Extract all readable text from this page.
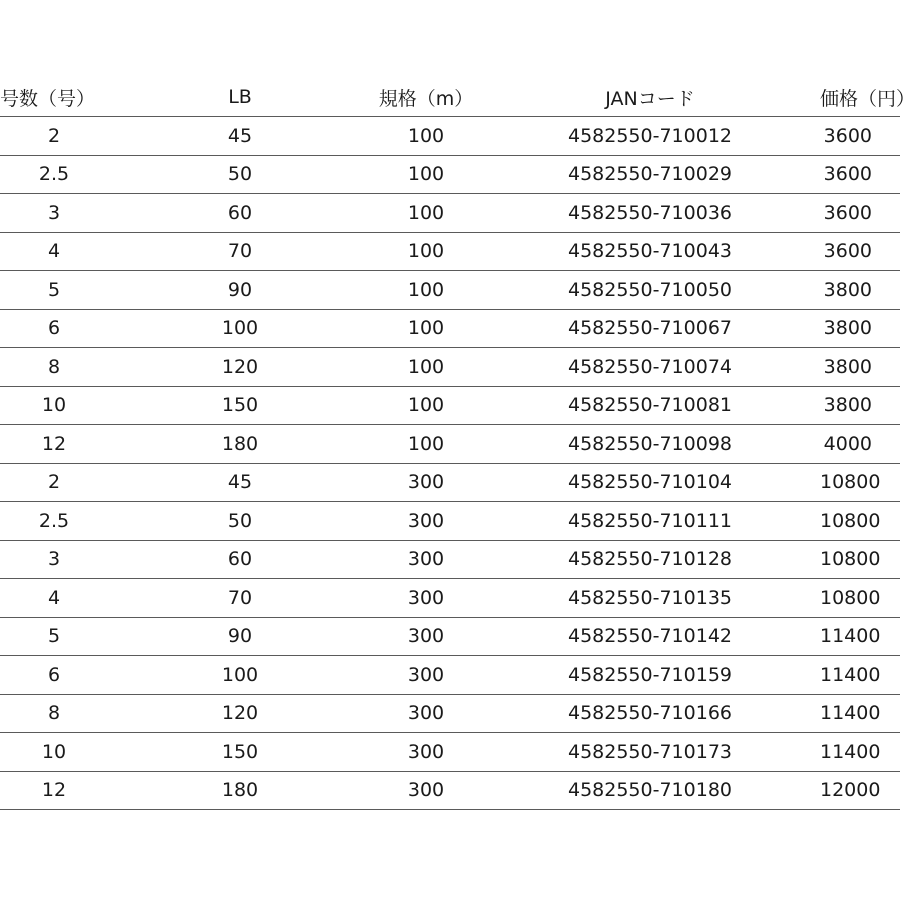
号数（号）	LB	規格（m）	JANコード	価格（円）
2	45	100	4582550-710012	3600
2.5	50	100	4582550-710029	3600
3	60	100	4582550-710036	3600
4	70	100	4582550-710043	3600
5	90	100	4582550-710050	3800
6	100	100	4582550-710067	3800
8	120	100	4582550-710074	3800
10	150	100	4582550-710081	3800
12	180	100	4582550-710098	4000
2	45	300	4582550-710104	10800
2.5	50	300	4582550-710111	10800
3	60	300	4582550-710128	10800
4	70	300	4582550-710135	10800
5	90	300	4582550-710142	11400
6	100	300	4582550-710159	11400
8	120	300	4582550-710166	11400
10	150	300	4582550-710173	11400
12	180	300	4582550-710180	12000
